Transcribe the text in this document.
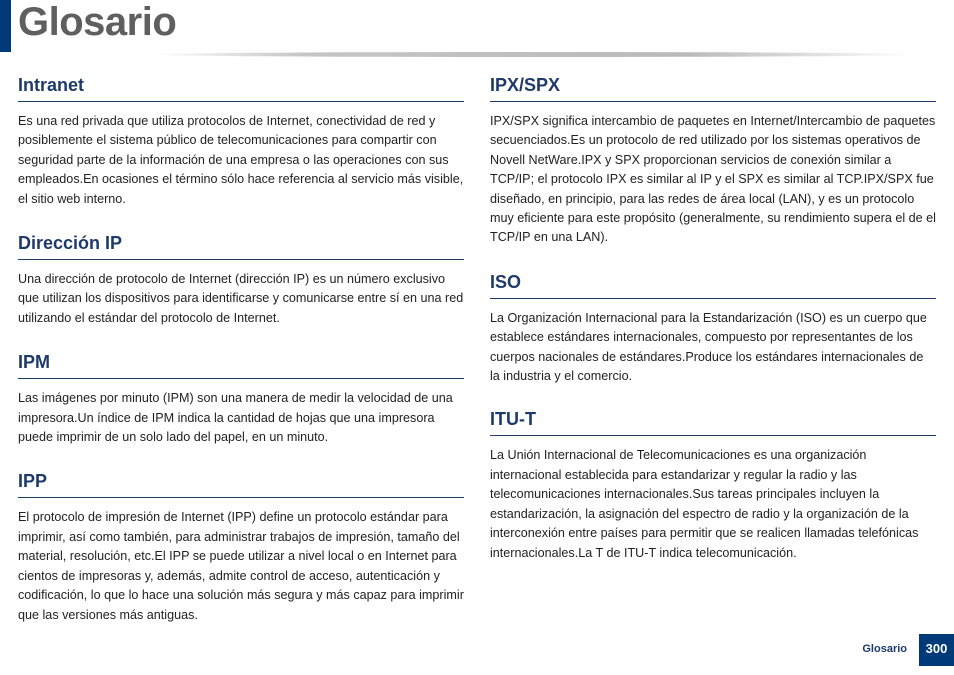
Glosario
Intranet

Es una red privada que utiliza protocolos de Internet, conectividad de red y posiblemente el sistema público de telecomunicaciones para compartir con seguridad parte de la información de una empresa o las operaciones con sus empleados.En ocasiones el término sólo hace referencia al servicio más visible, el sitio web interno.

Dirección IP

Una dirección de protocolo de Internet (dirección IP) es un número exclusivo que utilizan los dispositivos para identificarse y comunicarse entre sí en una red utilizando el estándar del protocolo de Internet.

IPM

Las imágenes por minuto (IPM) son una manera de medir la velocidad de una impresora.Un índice de IPM indica la cantidad de hojas que una impresora puede imprimir de un solo lado del papel, en un minuto.

IPP

El protocolo de impresión de Internet (IPP) define un protocolo estándar para imprimir, así como también, para administrar trabajos de impresión, tamaño del material, resolución, etc.El IPP se puede utilizar a nivel local o en Internet para cientos de impresoras y, además, admite control de acceso, autenticación y codificación, lo que lo hace una solución más segura y más capaz para imprimir que las versiones más antiguas.

IPX/SPX

IPX/SPX significa intercambio de paquetes en Internet/Intercambio de paquetes secuenciados.Es un protocolo de red utilizado por los sistemas operativos de Novell NetWare.IPX y SPX proporcionan servicios de conexión similar a TCP/IP; el protocolo IPX es similar al IP y el SPX es similar al TCP.IPX/SPX fue diseñado, en principio, para las redes de área local (LAN), y es un protocolo muy eficiente para este propósito (generalmente, su rendimiento supera el de el TCP/IP en una LAN).

ISO

La Organización Internacional para la Estandarización (ISO) es un cuerpo que establece estándares internacionales, compuesto por representantes de los cuerpos nacionales de estándares.Produce los estándares internacionales de la industria y el comercio.

ITU-T

La Unión Internacional de Telecomunicaciones es una organización internacional establecida para estandarizar y regular la radio y las telecomunicaciones internacionales.Sus tareas principales incluyen la estandarización, la asignación del espectro de radio y la organización de la interconexión entre países para permitir que se realicen llamadas telefónicas internacionales.La T de ITU-T indica telecomunicación.

Glosario	300
